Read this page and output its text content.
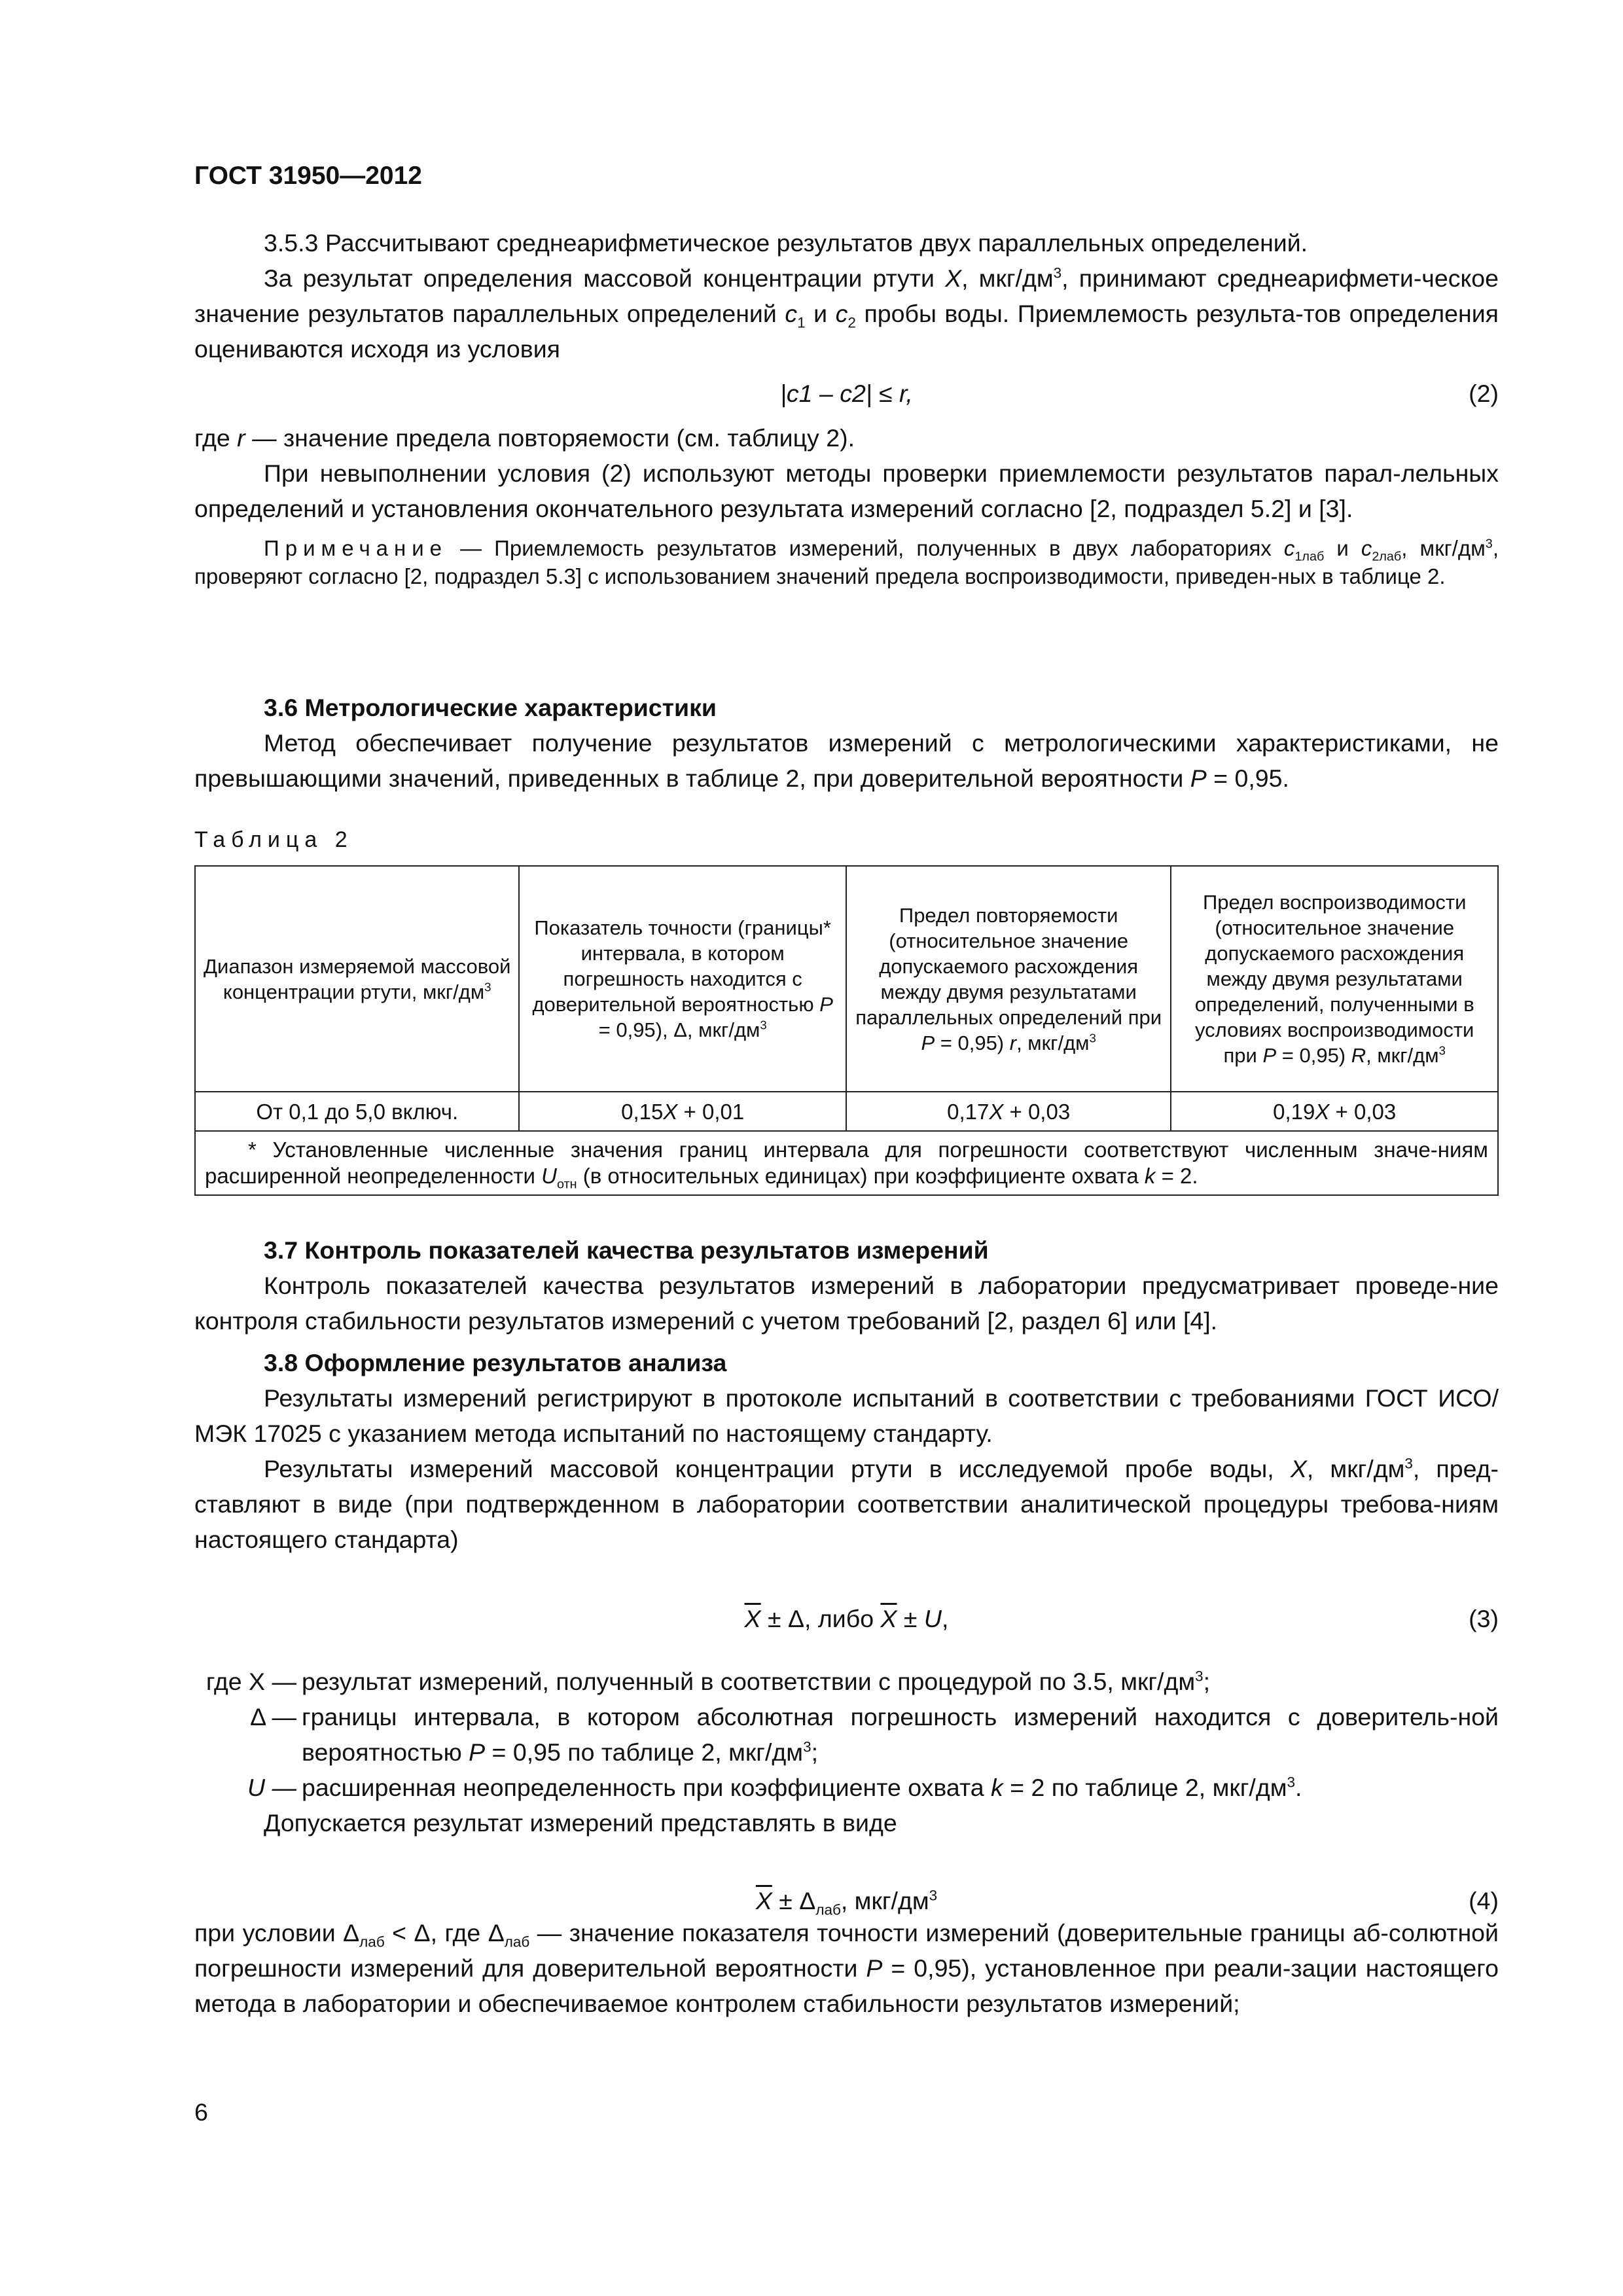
ГОСТ 31950—2012

3.5.3 Рассчитывают среднеарифметическое результатов двух параллельных определений.

За результат определения массовой концентрации ртути X, мкг/$дм^3$, принимают среднеарифмети-ческое значение результатов параллельных определений $c_1$ и $c_2$ пробы воды. Приемлемость результа-тов определения оцениваются исходя из условия

|c1 – c2| ≤ r,	(2)

где r — значение предела повторяемости (см. таблицу 2).

При невыполнении условия (2) используют методы проверки приемлемости результатов парал-лельных определений и установления окончательного результата измерений согласно [2, подраздел 5.2] и [3].

Примечание — Приемлемость результатов измерений, полученных в двух лабораториях $c_{1лаб}$ и $c_{2лаб}$, мкг/$дм^3$, проверяют согласно [2, подраздел 5.3] с использованием значений предела воспроизводимости, приведен-ных в таблице 2.

3.6 Метрологические характеристики

Метод обеспечивает получение результатов измерений с метрологическими характеристиками, не превышающими значений, приведенных в таблице 2, при доверительной вероятности P = 0,95.

Таблица 2
Диапазон измеряемой массовой концентрации ртути, мкг/$дм^3$	Показатель точности (границы* интервала, в котором погрешность находится с доверительной вероятностью P = 0,95), Δ, мкг/$дм^3$	Предел повторяемости (относительное значение допускаемого расхождения между двумя результатами параллельных определений при P = 0,95) r, мкг/$дм^3$	Предел воспроизводимости (относительное значение допускаемого расхождения между двумя результатами определений, полученными в условиях воспроизводимости при P = 0,95) R, мкг/$дм^3$
От 0,1 до 5,0 включ.	0,15X + 0,01	0,17X + 0,03	0,19X + 0,03
* Установленные численные значения границ интервала для погрешности соответствуют численным значе-ниям расширенной неопределенности $U_{отн}$ (в относительных единицах) при коэффициенте охвата k = 2.			

3.7 Контроль показателей качества результатов измерений

Контроль показателей качества результатов измерений в лаборатории предусматривает проведе-ние контроля стабильности результатов измерений с учетом требований [2, раздел 6] или [4].

3.8 Оформление результатов анализа

Результаты измерений регистрируют в протоколе испытаний в соответствии с требованиями ГОСТ ИСО/МЭК 17025 с указанием метода испытаний по настоящему стандарту.

Результаты измерений массовой концентрации ртути в исследуемой пробе воды, X, мкг/$дм^3$, пред-ставляют в виде (при подтвержденном в лаборатории соответствии аналитической процедуры требова-ниям настоящего стандарта)

$\overline{X} \pm \Delta$, либо $\overline{X} \pm U$,	(3)
где X — результат измерений, полученный в соответствии с процедурой по 3.5, мкг/$дм^3$;
Δ — границы интервала, в котором абсолютная погрешность измерений находится с доверитель-ной вероятностью P = 0,95 по таблице 2, мкг/$дм^3$;
U — расширенная неопределенность при коэффициенте охвата k = 2 по таблице 2, мкг/$дм^3$.

Допускается результат измерений представлять в виде

$\overline{X} \pm \Delta_{лаб}$, мкг/$дм^3$	(4)

при условии $\Delta_{лаб} < \Delta$, где $\Delta_{лаб}$ — значение показателя точности измерений (доверительные границы аб-солютной погрешности измерений для доверительной вероятности P = 0,95), установленное при реали-зации настоящего метода в лаборатории и обеспечиваемое контролем стабильности результатов измерений;

6
